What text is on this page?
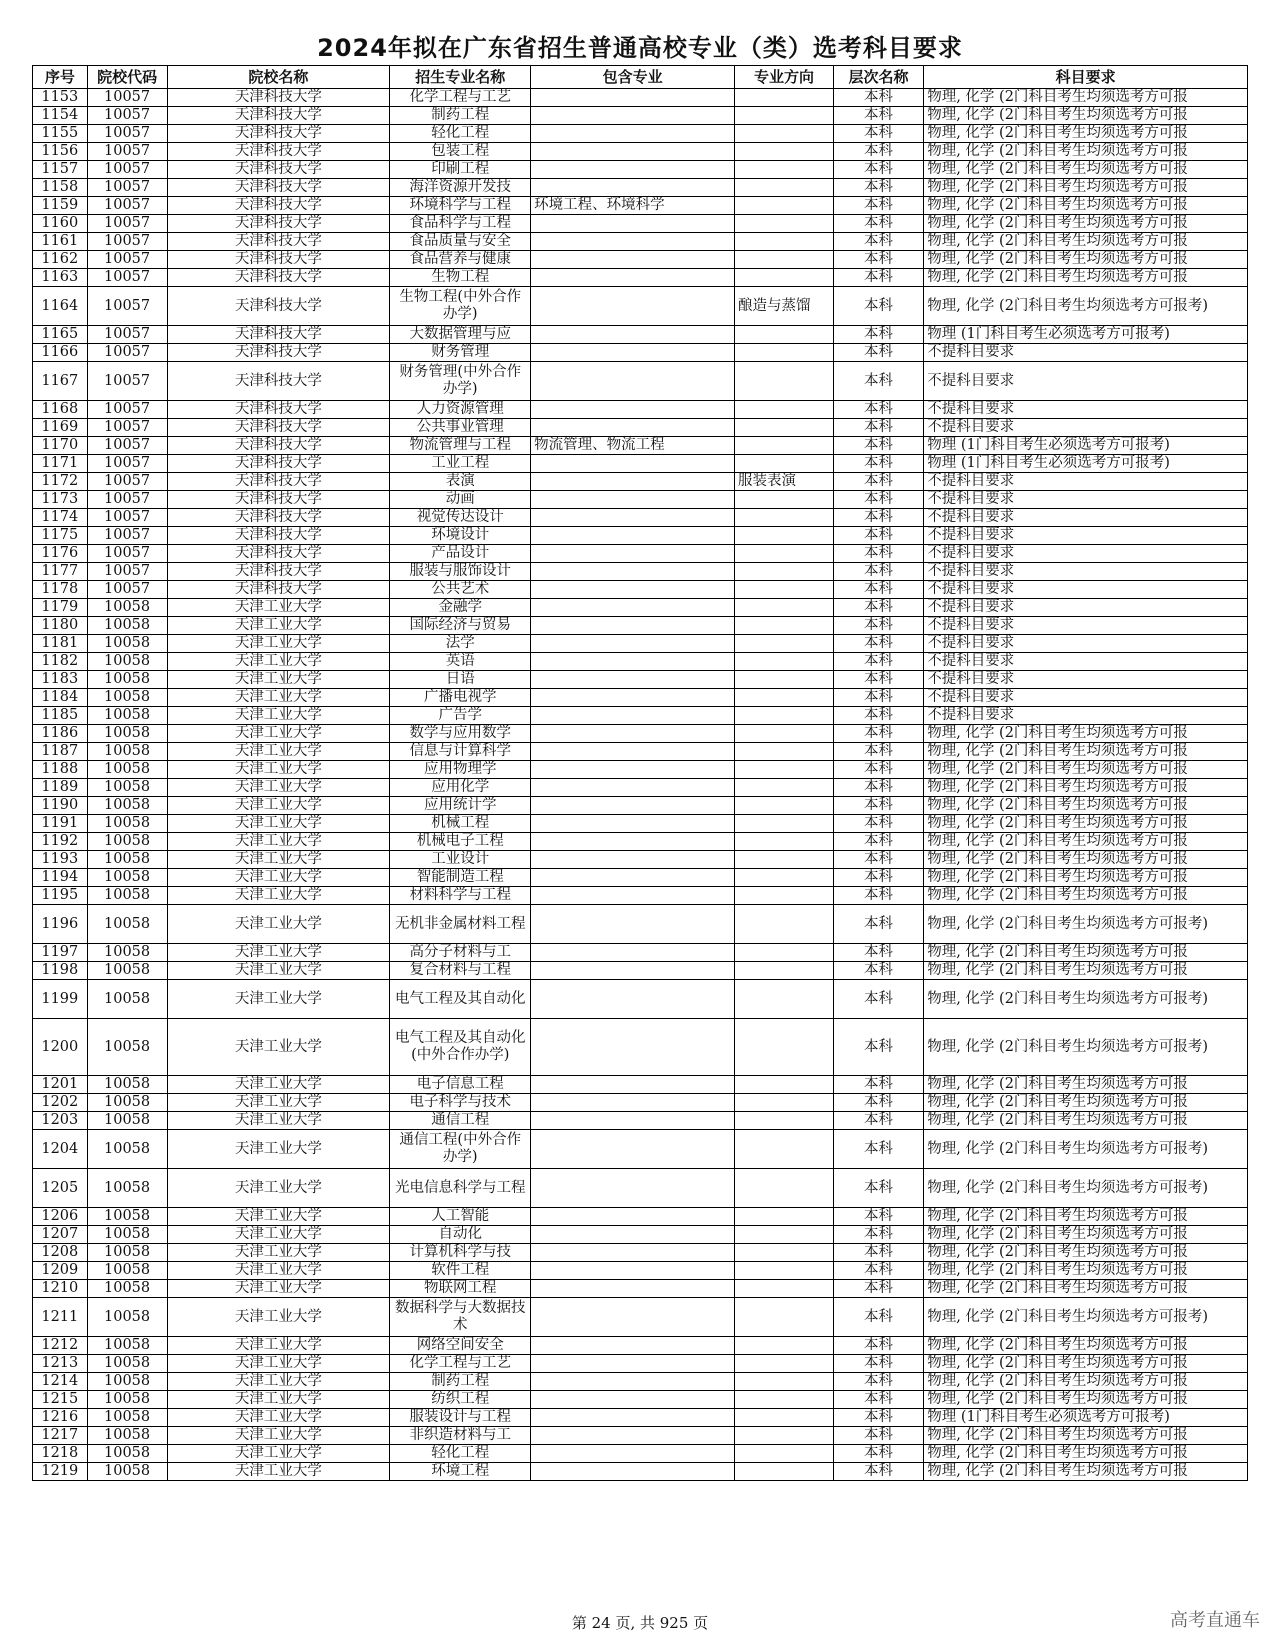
2024年拟在广东省招生普通高校专业（类）选考科目要求
序号	院校代码	院校名称	招生专业名称	包含专业	专业方向	层次名称	科目要求
1153	10057	天津科技大学	化学工程与工艺			本科	物理, 化学 (2门科目考生均须选考方可报
1154	10057	天津科技大学	制药工程			本科	物理, 化学 (2门科目考生均须选考方可报
1155	10057	天津科技大学	轻化工程			本科	物理, 化学 (2门科目考生均须选考方可报
1156	10057	天津科技大学	包装工程			本科	物理, 化学 (2门科目考生均须选考方可报
1157	10057	天津科技大学	印刷工程			本科	物理, 化学 (2门科目考生均须选考方可报
1158	10057	天津科技大学	海洋资源开发技			本科	物理, 化学 (2门科目考生均须选考方可报
1159	10057	天津科技大学	环境科学与工程	环境工程、环境科学		本科	物理, 化学 (2门科目考生均须选考方可报
1160	10057	天津科技大学	食品科学与工程			本科	物理, 化学 (2门科目考生均须选考方可报
1161	10057	天津科技大学	食品质量与安全			本科	物理, 化学 (2门科目考生均须选考方可报
1162	10057	天津科技大学	食品营养与健康			本科	物理, 化学 (2门科目考生均须选考方可报
1163	10057	天津科技大学	生物工程			本科	物理, 化学 (2门科目考生均须选考方可报
1164	10057	天津科技大学	生物工程(中外合作办学)		酿造与蒸馏	本科	物理, 化学 (2门科目考生均须选考方可报考)
1165	10057	天津科技大学	大数据管理与应			本科	物理 (1门科目考生必须选考方可报考)
1166	10057	天津科技大学	财务管理			本科	不提科目要求
1167	10057	天津科技大学	财务管理(中外合作办学)			本科	不提科目要求
1168	10057	天津科技大学	人力资源管理			本科	不提科目要求
1169	10057	天津科技大学	公共事业管理			本科	不提科目要求
1170	10057	天津科技大学	物流管理与工程	物流管理、物流工程		本科	物理 (1门科目考生必须选考方可报考)
1171	10057	天津科技大学	工业工程			本科	物理 (1门科目考生必须选考方可报考)
1172	10057	天津科技大学	表演		服装表演	本科	不提科目要求
1173	10057	天津科技大学	动画			本科	不提科目要求
1174	10057	天津科技大学	视觉传达设计			本科	不提科目要求
1175	10057	天津科技大学	环境设计			本科	不提科目要求
1176	10057	天津科技大学	产品设计			本科	不提科目要求
1177	10057	天津科技大学	服装与服饰设计			本科	不提科目要求
1178	10057	天津科技大学	公共艺术			本科	不提科目要求
1179	10058	天津工业大学	金融学			本科	不提科目要求
1180	10058	天津工业大学	国际经济与贸易			本科	不提科目要求
1181	10058	天津工业大学	法学			本科	不提科目要求
1182	10058	天津工业大学	英语			本科	不提科目要求
1183	10058	天津工业大学	日语			本科	不提科目要求
1184	10058	天津工业大学	广播电视学			本科	不提科目要求
1185	10058	天津工业大学	广告学			本科	不提科目要求
1186	10058	天津工业大学	数学与应用数学			本科	物理, 化学 (2门科目考生均须选考方可报
1187	10058	天津工业大学	信息与计算科学			本科	物理, 化学 (2门科目考生均须选考方可报
1188	10058	天津工业大学	应用物理学			本科	物理, 化学 (2门科目考生均须选考方可报
1189	10058	天津工业大学	应用化学			本科	物理, 化学 (2门科目考生均须选考方可报
1190	10058	天津工业大学	应用统计学			本科	物理, 化学 (2门科目考生均须选考方可报
1191	10058	天津工业大学	机械工程			本科	物理, 化学 (2门科目考生均须选考方可报
1192	10058	天津工业大学	机械电子工程			本科	物理, 化学 (2门科目考生均须选考方可报
1193	10058	天津工业大学	工业设计			本科	物理, 化学 (2门科目考生均须选考方可报
1194	10058	天津工业大学	智能制造工程			本科	物理, 化学 (2门科目考生均须选考方可报
1195	10058	天津工业大学	材料科学与工程			本科	物理, 化学 (2门科目考生均须选考方可报
1196	10058	天津工业大学	无机非金属材料工程			本科	物理, 化学 (2门科目考生均须选考方可报考)
1197	10058	天津工业大学	高分子材料与工			本科	物理, 化学 (2门科目考生均须选考方可报
1198	10058	天津工业大学	复合材料与工程			本科	物理, 化学 (2门科目考生均须选考方可报
1199	10058	天津工业大学	电气工程及其自动化			本科	物理, 化学 (2门科目考生均须选考方可报考)
1200	10058	天津工业大学	电气工程及其自动化(中外合作办学)			本科	物理, 化学 (2门科目考生均须选考方可报考)
1201	10058	天津工业大学	电子信息工程			本科	物理, 化学 (2门科目考生均须选考方可报
1202	10058	天津工业大学	电子科学与技术			本科	物理, 化学 (2门科目考生均须选考方可报
1203	10058	天津工业大学	通信工程			本科	物理, 化学 (2门科目考生均须选考方可报
1204	10058	天津工业大学	通信工程(中外合作办学)			本科	物理, 化学 (2门科目考生均须选考方可报考)
1205	10058	天津工业大学	光电信息科学与工程			本科	物理, 化学 (2门科目考生均须选考方可报考)
1206	10058	天津工业大学	人工智能			本科	物理, 化学 (2门科目考生均须选考方可报
1207	10058	天津工业大学	自动化			本科	物理, 化学 (2门科目考生均须选考方可报
1208	10058	天津工业大学	计算机科学与技			本科	物理, 化学 (2门科目考生均须选考方可报
1209	10058	天津工业大学	软件工程			本科	物理, 化学 (2门科目考生均须选考方可报
1210	10058	天津工业大学	物联网工程			本科	物理, 化学 (2门科目考生均须选考方可报
1211	10058	天津工业大学	数据科学与大数据技术			本科	物理, 化学 (2门科目考生均须选考方可报考)
1212	10058	天津工业大学	网络空间安全			本科	物理, 化学 (2门科目考生均须选考方可报
1213	10058	天津工业大学	化学工程与工艺			本科	物理, 化学 (2门科目考生均须选考方可报
1214	10058	天津工业大学	制药工程			本科	物理, 化学 (2门科目考生均须选考方可报
1215	10058	天津工业大学	纺织工程			本科	物理, 化学 (2门科目考生均须选考方可报
1216	10058	天津工业大学	服装设计与工程			本科	物理 (1门科目考生必须选考方可报考)
1217	10058	天津工业大学	非织造材料与工			本科	物理, 化学 (2门科目考生均须选考方可报
1218	10058	天津工业大学	轻化工程			本科	物理, 化学 (2门科目考生均须选考方可报
1219	10058	天津工业大学	环境工程			本科	物理, 化学 (2门科目考生均须选考方可报
第 24 页, 共 925 页	高考直通车
